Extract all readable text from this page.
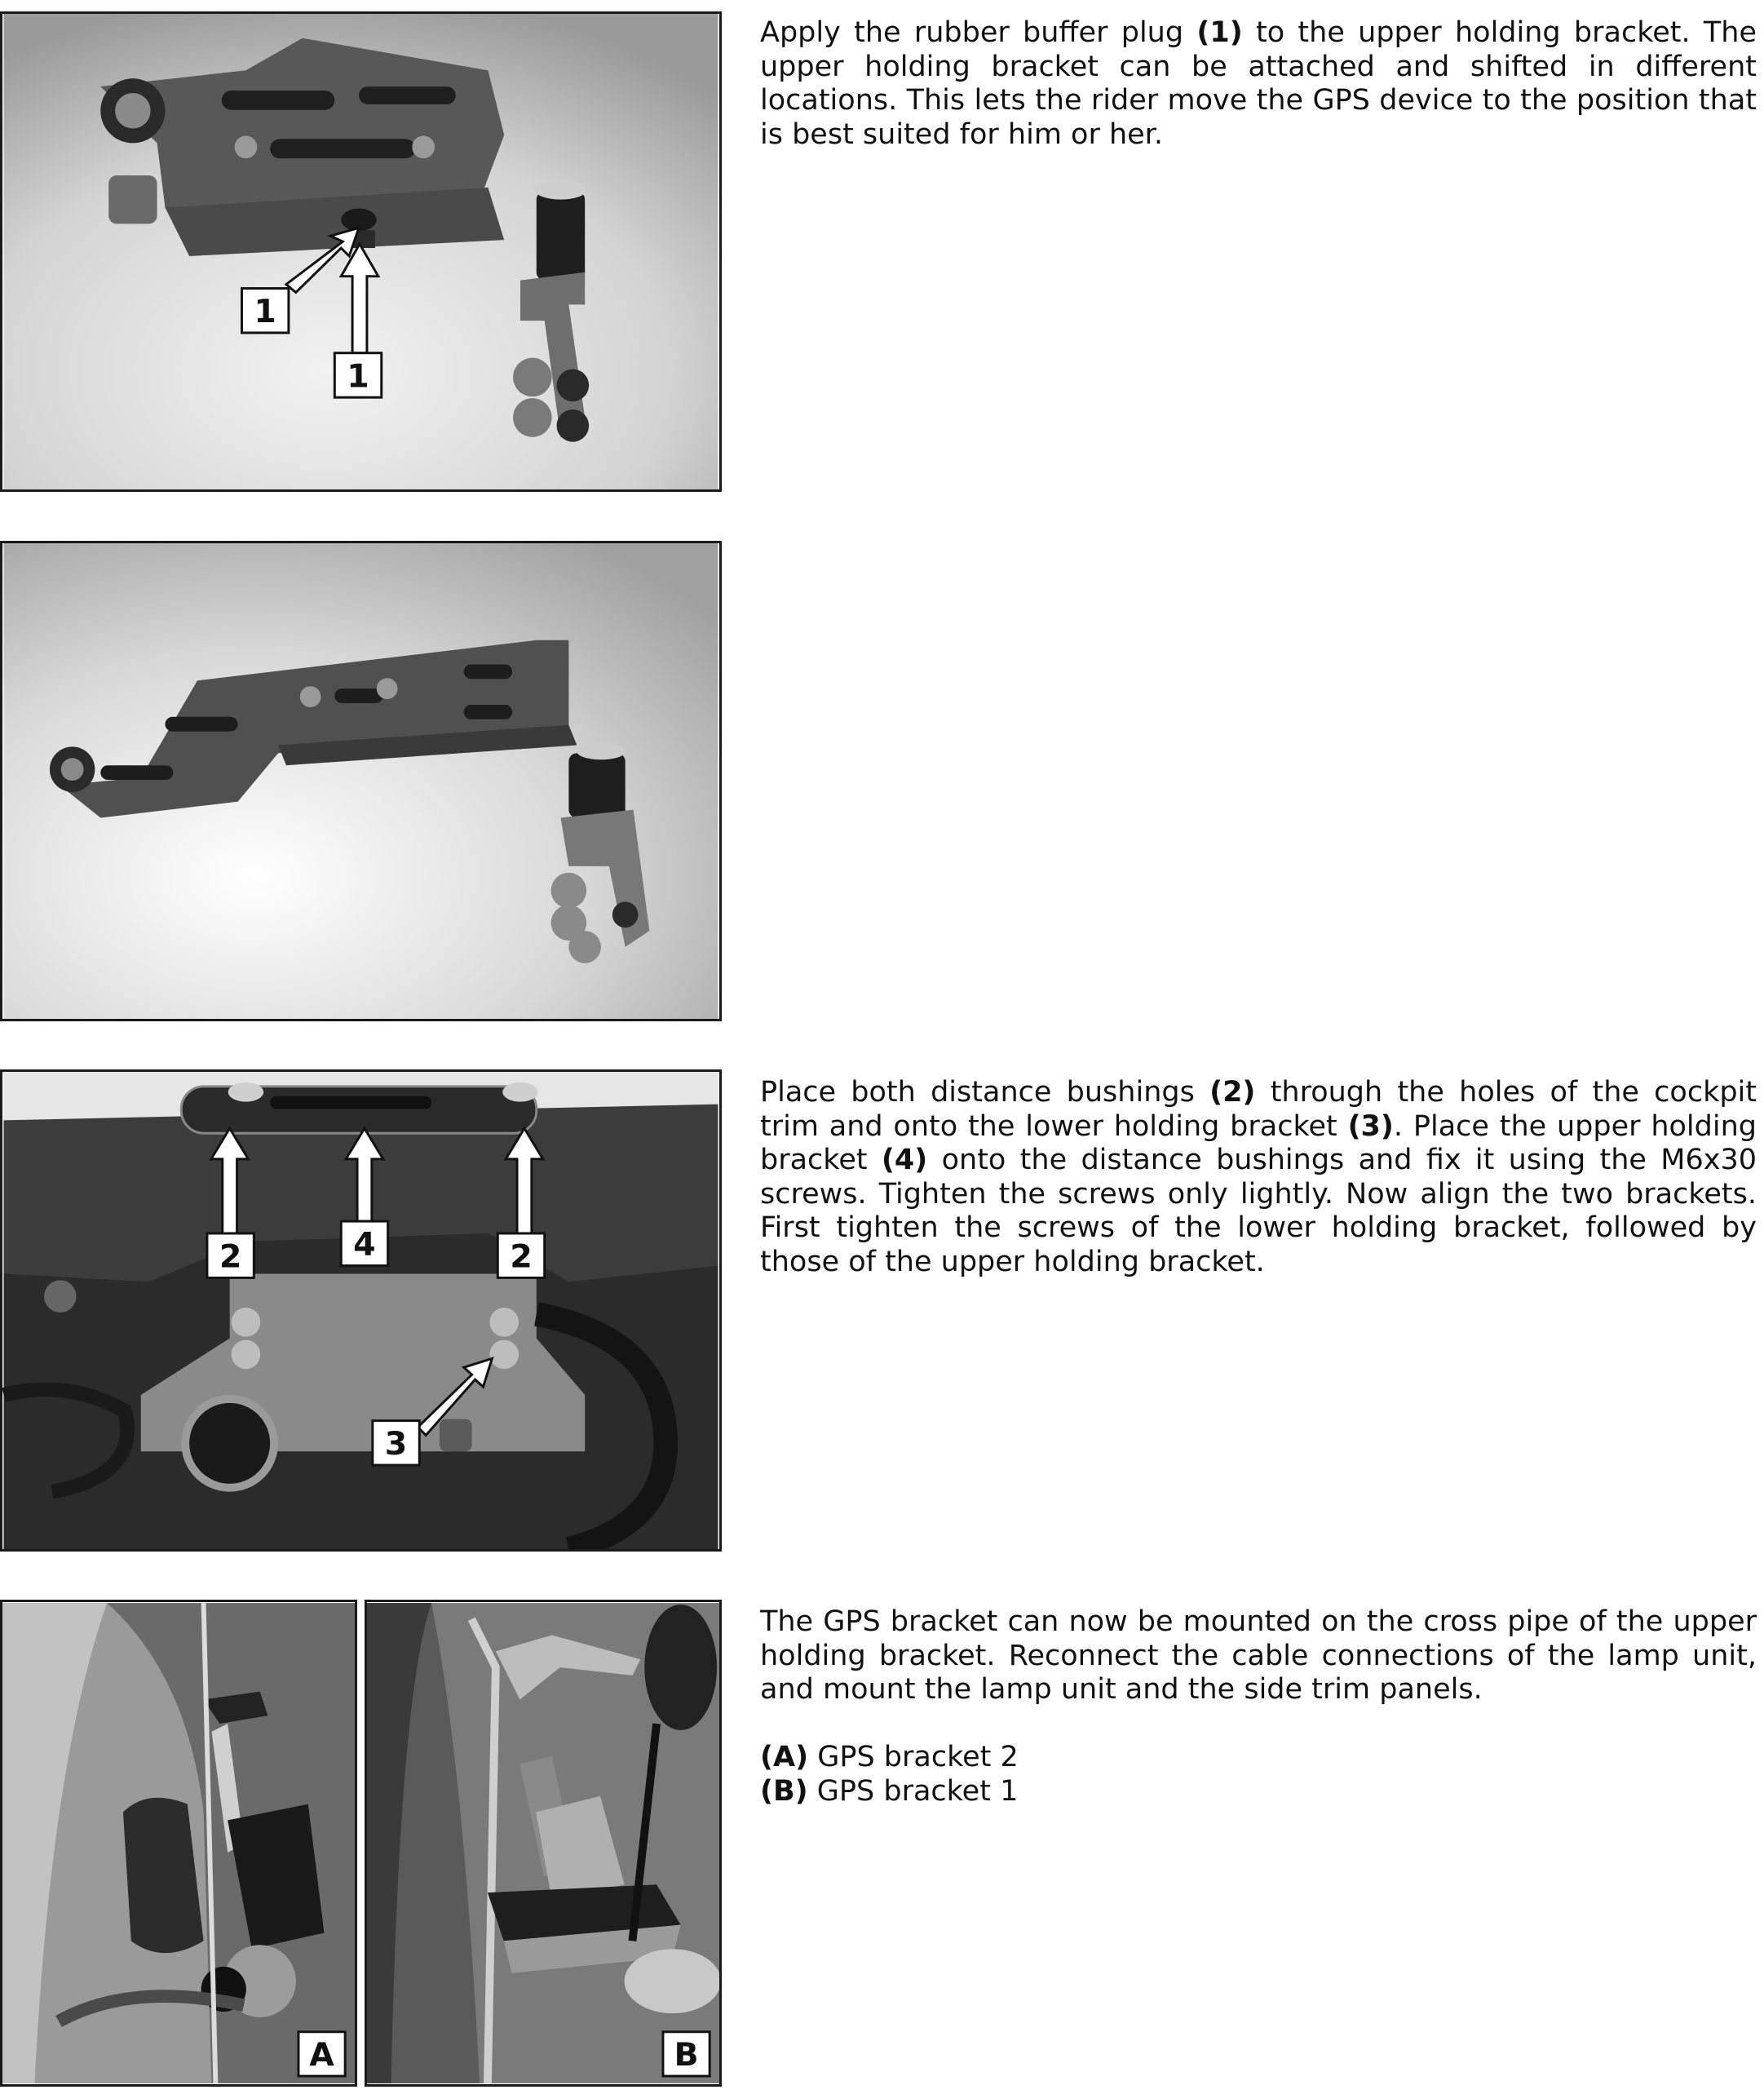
1
1
2	4	2
3
A	B

Apply the rubber buffer plug (1) to the upper holding bracket. The upper holding bracket can be attached and shifted in different locations. This lets the rider move the GPS device to the position that is best suited for him or her.

Place both distance bushings (2) through the holes of the cockpit trim and onto the lower holding bracket (3). Place the upper holding bracket (4) onto the distance bushings and fix it using the M6x30 screws. Tighten the screws only lightly. Now align the two brackets. First tighten the screws of the lower holding bracket, followed by those of the upper holding bracket.

The GPS bracket can now be mounted on the cross pipe of the upper holding bracket. Reconnect the cable connections of the lamp unit, and mount the lamp unit and the side trim panels.

(A) GPS bracket 2

(B) GPS bracket 1
